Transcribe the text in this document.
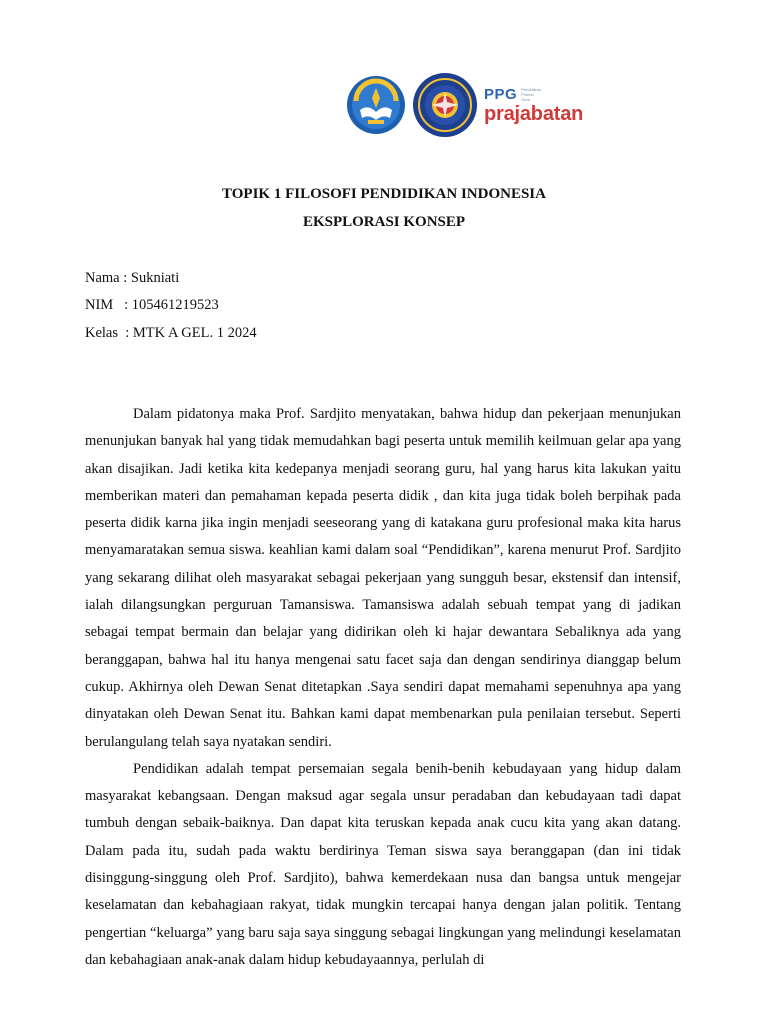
PPG Pendidikan
Profesi
Guru
prajabatan
TOPIK 1 FILOSOFI PENDIDIKAN INDONESIA
EKSPLORASI KONSEP

Nama : Sukniati

NIM   : 105461219523

Kelas  : MTK A GEL. 1 2024

Dalam pidatonya maka Prof. Sardjito menyatakan, bahwa hidup dan pekerjaan menunjukan menunjukan banyak hal yang tidak memudahkan bagi peserta untuk memilih keilmuan gelar apa yang akan disajikan. Jadi ketika kita kedepanya menjadi seorang guru, hal yang harus kita lakukan yaitu memberikan materi dan pemahaman kepada peserta didik , dan kita juga tidak boleh berpihak pada peserta didik karna jika ingin menjadi seeseorang yang di katakana guru profesional maka kita harus menyamaratakan semua siswa. keahlian kami dalam soal “Pendidikan”, karena menurut Prof. Sardjito yang sekarang dilihat oleh masyarakat sebagai pekerjaan yang sungguh besar, ekstensif dan intensif, ialah dilangsungkan perguruan Tamansiswa. Tamansiswa adalah sebuah tempat yang di jadikan sebagai tempat bermain dan belajar yang didirikan oleh ki hajar dewantara Sebaliknya ada yang beranggapan, bahwa hal itu hanya mengenai satu facet saja dan dengan sendirinya dianggap belum cukup. Akhirnya oleh Dewan Senat ditetapkan .Saya sendiri dapat memahami sepenuhnya apa yang dinyatakan oleh Dewan Senat itu. Bahkan kami dapat membenarkan pula penilaian tersebut. Seperti berulangulang telah saya nyatakan sendiri.

Pendidikan adalah tempat persemaian segala benih-benih kebudayaan yang hidup dalam masyarakat kebangsaan. Dengan maksud agar segala unsur peradaban dan kebudayaan tadi dapat tumbuh dengan sebaik-baiknya. Dan dapat kita teruskan kepada anak cucu kita yang akan datang. Dalam pada itu, sudah pada waktu berdirinya Teman siswa saya beranggapan (dan ini tidak disinggung-singgung oleh Prof. Sardjito), bahwa kemerdekaan nusa dan bangsa untuk mengejar keselamatan dan kebahagiaan rakyat, tidak mungkin tercapai hanya dengan jalan politik. Tentang pengertian “keluarga” yang baru saja saya singgung sebagai lingkungan yang melindungi keselamatan dan kebahagiaan anak-anak dalam hidup kebudayaannya, perlulah di
